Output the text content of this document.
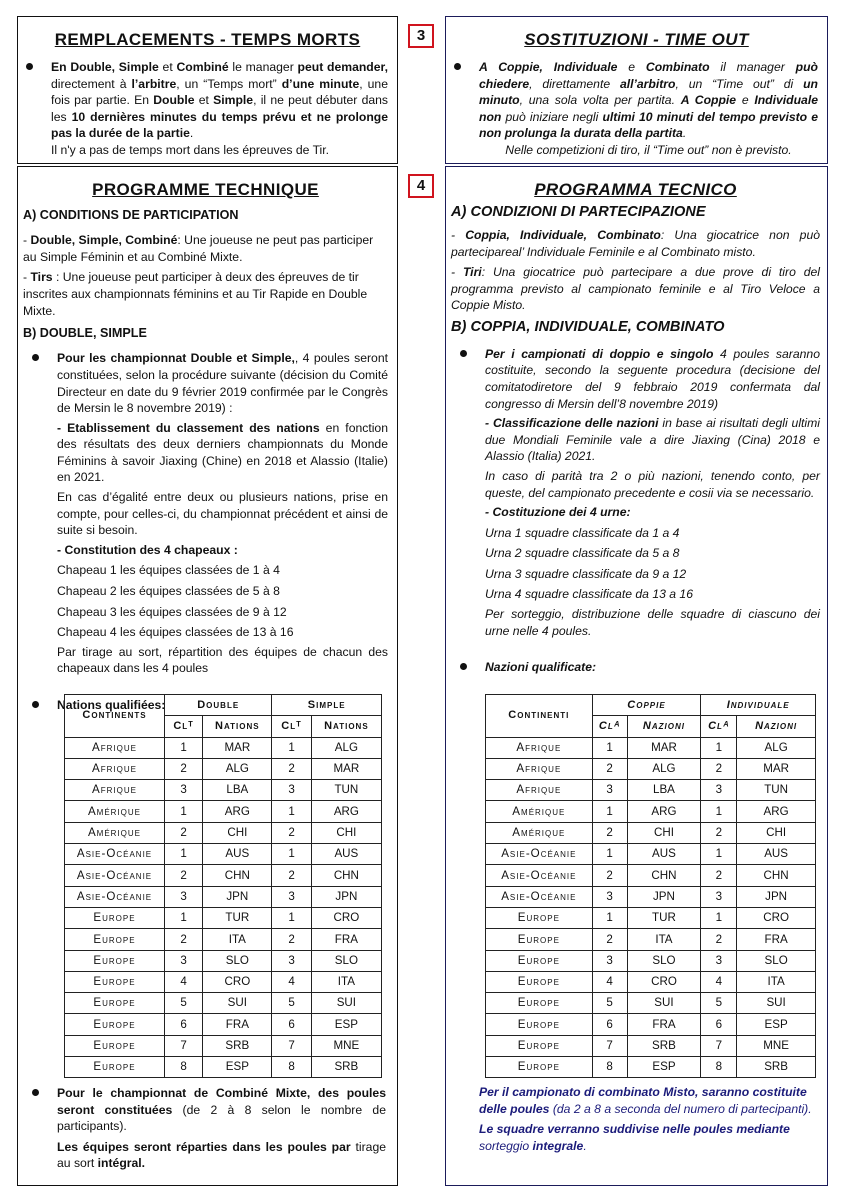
3
4
REMPLACEMENTS - TEMPS MORTS

En Double, Simple et Combiné le manager peut demander, directement à l’arbitre, un “Temps mort” d’une minute, une fois par partie. En Double et Simple, il ne peut débuter dans les 10 dernières minutes du temps prévu et ne prolonge pas la durée de la partie.

Il n'y a pas de temps mort dans les épreuves de Tir.

SOSTITUZIONI - TIME OUT

A Coppie, Individuale e Combinato il manager può chiedere, direttamente all’arbitro, un “Time out” di un minuto, una sola volta per partita. A Coppie e Individuale non può iniziare negli ultimi 10 minuti del tempo previsto e non prolunga la durata della partita.

Nelle competizioni di tiro, il “Time out” non è previsto.

PROGRAMME TECHNIQUE
A) CONDITIONS DE PARTICIPATION

- Double, Simple, Combiné: Une joueuse ne peut pas participer au Simple Féminin et au Combiné Mixte.

- Tirs : Une joueuse peut participer à deux des épreuves de tir inscrites aux championnats féminins et au Tir Rapide en Double Mixte.

B) DOUBLE, SIMPLE

Pour les championnat Double et Simple,, 4 poules seront constituées, selon la procédure suivante (décision du Comité Directeur en date du 9 février 2019 confirmée par le Congrès de Mersin le 8 novembre 2019) :

- Etablissement du classement des nations en fonction des résultats des deux derniers championnats du Monde Féminins à savoir Jiaxing (Chine) en 2018 et Alassio (Italie) en 2021.

En cas d’égalité entre deux ou plusieurs nations, prise en compte, pour celles-ci, du championnat précédent et ainsi de suite si besoin.

- Constitution des 4 chapeaux :

Chapeau 1 les équipes classées de 1 à 4

Chapeau 2 les équipes classées de 5 à 8

Chapeau 3 les équipes classées de 9 à 12

Chapeau 4 les équipes classées de 13 à 16

Par tirage au sort, répartition des équipes de chacun des chapeaux dans les 4 poules

Nations qualifiées:
Continents	Double		Simple	
	Clᵀ	Nations	Clᵀ	Nations
Afrique	1	MAR	1	ALG
Afrique	2	ALG	2	MAR
Afrique	3	LBA	3	TUN
Amérique	1	ARG	1	ARG
Amérique	2	CHI	2	CHI
Asie-Océanie	1	AUS	1	AUS
Asie-Océanie	2	CHN	2	CHN
Asie-Océanie	3	JPN	3	JPN
Europe	1	TUR	1	CRO
Europe	2	ITA	2	FRA
Europe	3	SLO	3	SLO
Europe	4	CRO	4	ITA
Europe	5	SUI	5	SUI
Europe	6	FRA	6	ESP
Europe	7	SRB	7	MNE
Europe	8	ESP	8	SRB

Pour le championnat de Combiné Mixte, des poules seront constituées (de 2 à 8 selon le nombre de participants).

Les équipes seront réparties dans les poules par tirage au sort intégral.

PROGRAMMA TECNICO
A) CONDIZIONI DI PARTECIPAZIONE

- Coppia, Individuale, Combinato: Una giocatrice non può partecipareal’ Individuale Feminile e al Combinato misto.

- Tiri: Una giocatrice può partecipare a due prove di tiro del programma previsto al campionato feminile e al Tiro Veloce a Coppie Misto.

B) COPPIA, INDIVIDUALE, COMBINATO

Per i campionati di doppio e singolo 4 poules saranno costituite, secondo la seguente procedura (decisione del comitatodiretore del 9 febbraio 2019 confermata dal congresso di Mersin dell’8 novembre 2019)

- Classificazione delle nazioni in base ai risultati degli ultimi due Mondiali Feminile vale a dire Jiaxing (Cina) 2018 e Alassio (Italia) 2021.

In caso di parità tra 2 o più nazioni, tenendo conto, per queste, del campionato precedente e cosii via se necessario.

- Costituzione dei 4 urne:

Urna 1 squadre classificate da 1 a 4

Urna 2 squadre classificate da 5 a 8

Urna 3 squadre classificate da 9 a 12

Urna 4 squadre classificate da 13 a 16

Per sorteggio, distribuzione delle squadre di ciascuno dei urne nelle 4 poules.

Nazioni qualificate:
Continenti	Coppie		Individuale	
	Clᴬ	Nazioni	Clᴬ	Nazioni
Afrique	1	MAR	1	ALG
Afrique	2	ALG	2	MAR
Afrique	3	LBA	3	TUN
Amérique	1	ARG	1	ARG
Amérique	2	CHI	2	CHI
Asie-Océanie	1	AUS	1	AUS
Asie-Océanie	2	CHN	2	CHN
Asie-Océanie	3	JPN	3	JPN
Europe	1	TUR	1	CRO
Europe	2	ITA	2	FRA
Europe	3	SLO	3	SLO
Europe	4	CRO	4	ITA
Europe	5	SUI	5	SUI
Europe	6	FRA	6	ESP
Europe	7	SRB	7	MNE
Europe	8	ESP	8	SRB

Per il campionato di combinato Misto, saranno costituite delle poules (da 2 a 8 a seconda del numero di partecipanti).

Le squadre verranno suddivise nelle poules mediante sorteggio integrale.
